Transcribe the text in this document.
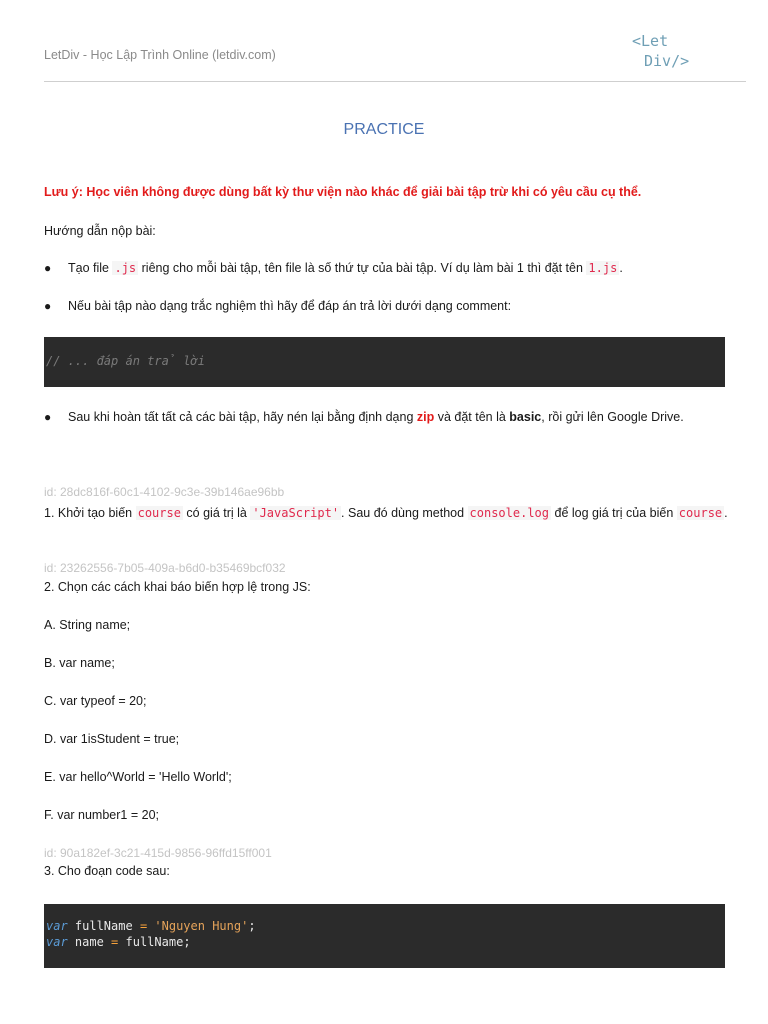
LetDiv - Học Lập Trình Online (letdiv.com)
<Let
Div/>
PRACTICE
Lưu ý: Học viên không được dùng bất kỳ thư viện nào khác để giải bài tập trừ khi có yêu cầu cụ thể.
Hướng dẫn nộp bài:
●	Tạo file .js riêng cho mỗi bài tập, tên file là số thứ tự của bài tập. Ví dụ làm bài 1 thì đặt tên 1.js .
●	Nếu bài tập nào dạng trắc nghiệm thì hãy để đáp án trả lời dưới dạng comment:
// ... đáp án trả lời
●	Sau khi hoàn tất tất cả các bài tập, hãy nén lại bằng định dạng zip và đặt tên là basic, rồi gửi lên Google Drive.
id: 28dc816f-60c1-4102-9c3e-39b146ae96bb
1. Khởi tạo biến course có giá trị là 'JavaScript' . Sau đó dùng method console.log để log giá trị của biến course .
id: 23262556-7b05-409a-b6d0-b35469bcf032
2. Chọn các cách khai báo biến hợp lệ trong JS:
A. String name;
B. var name;
C. var typeof = 20;
D. var 1isStudent = true;
E. var hello^World = 'Hello World';
F. var number1 = 20;
id: 90a182ef-3c21-415d-9856-96ffd15ff001
3. Cho đoạn code sau:
var fullName = 'Nguyen Hung';
var name = fullName;
